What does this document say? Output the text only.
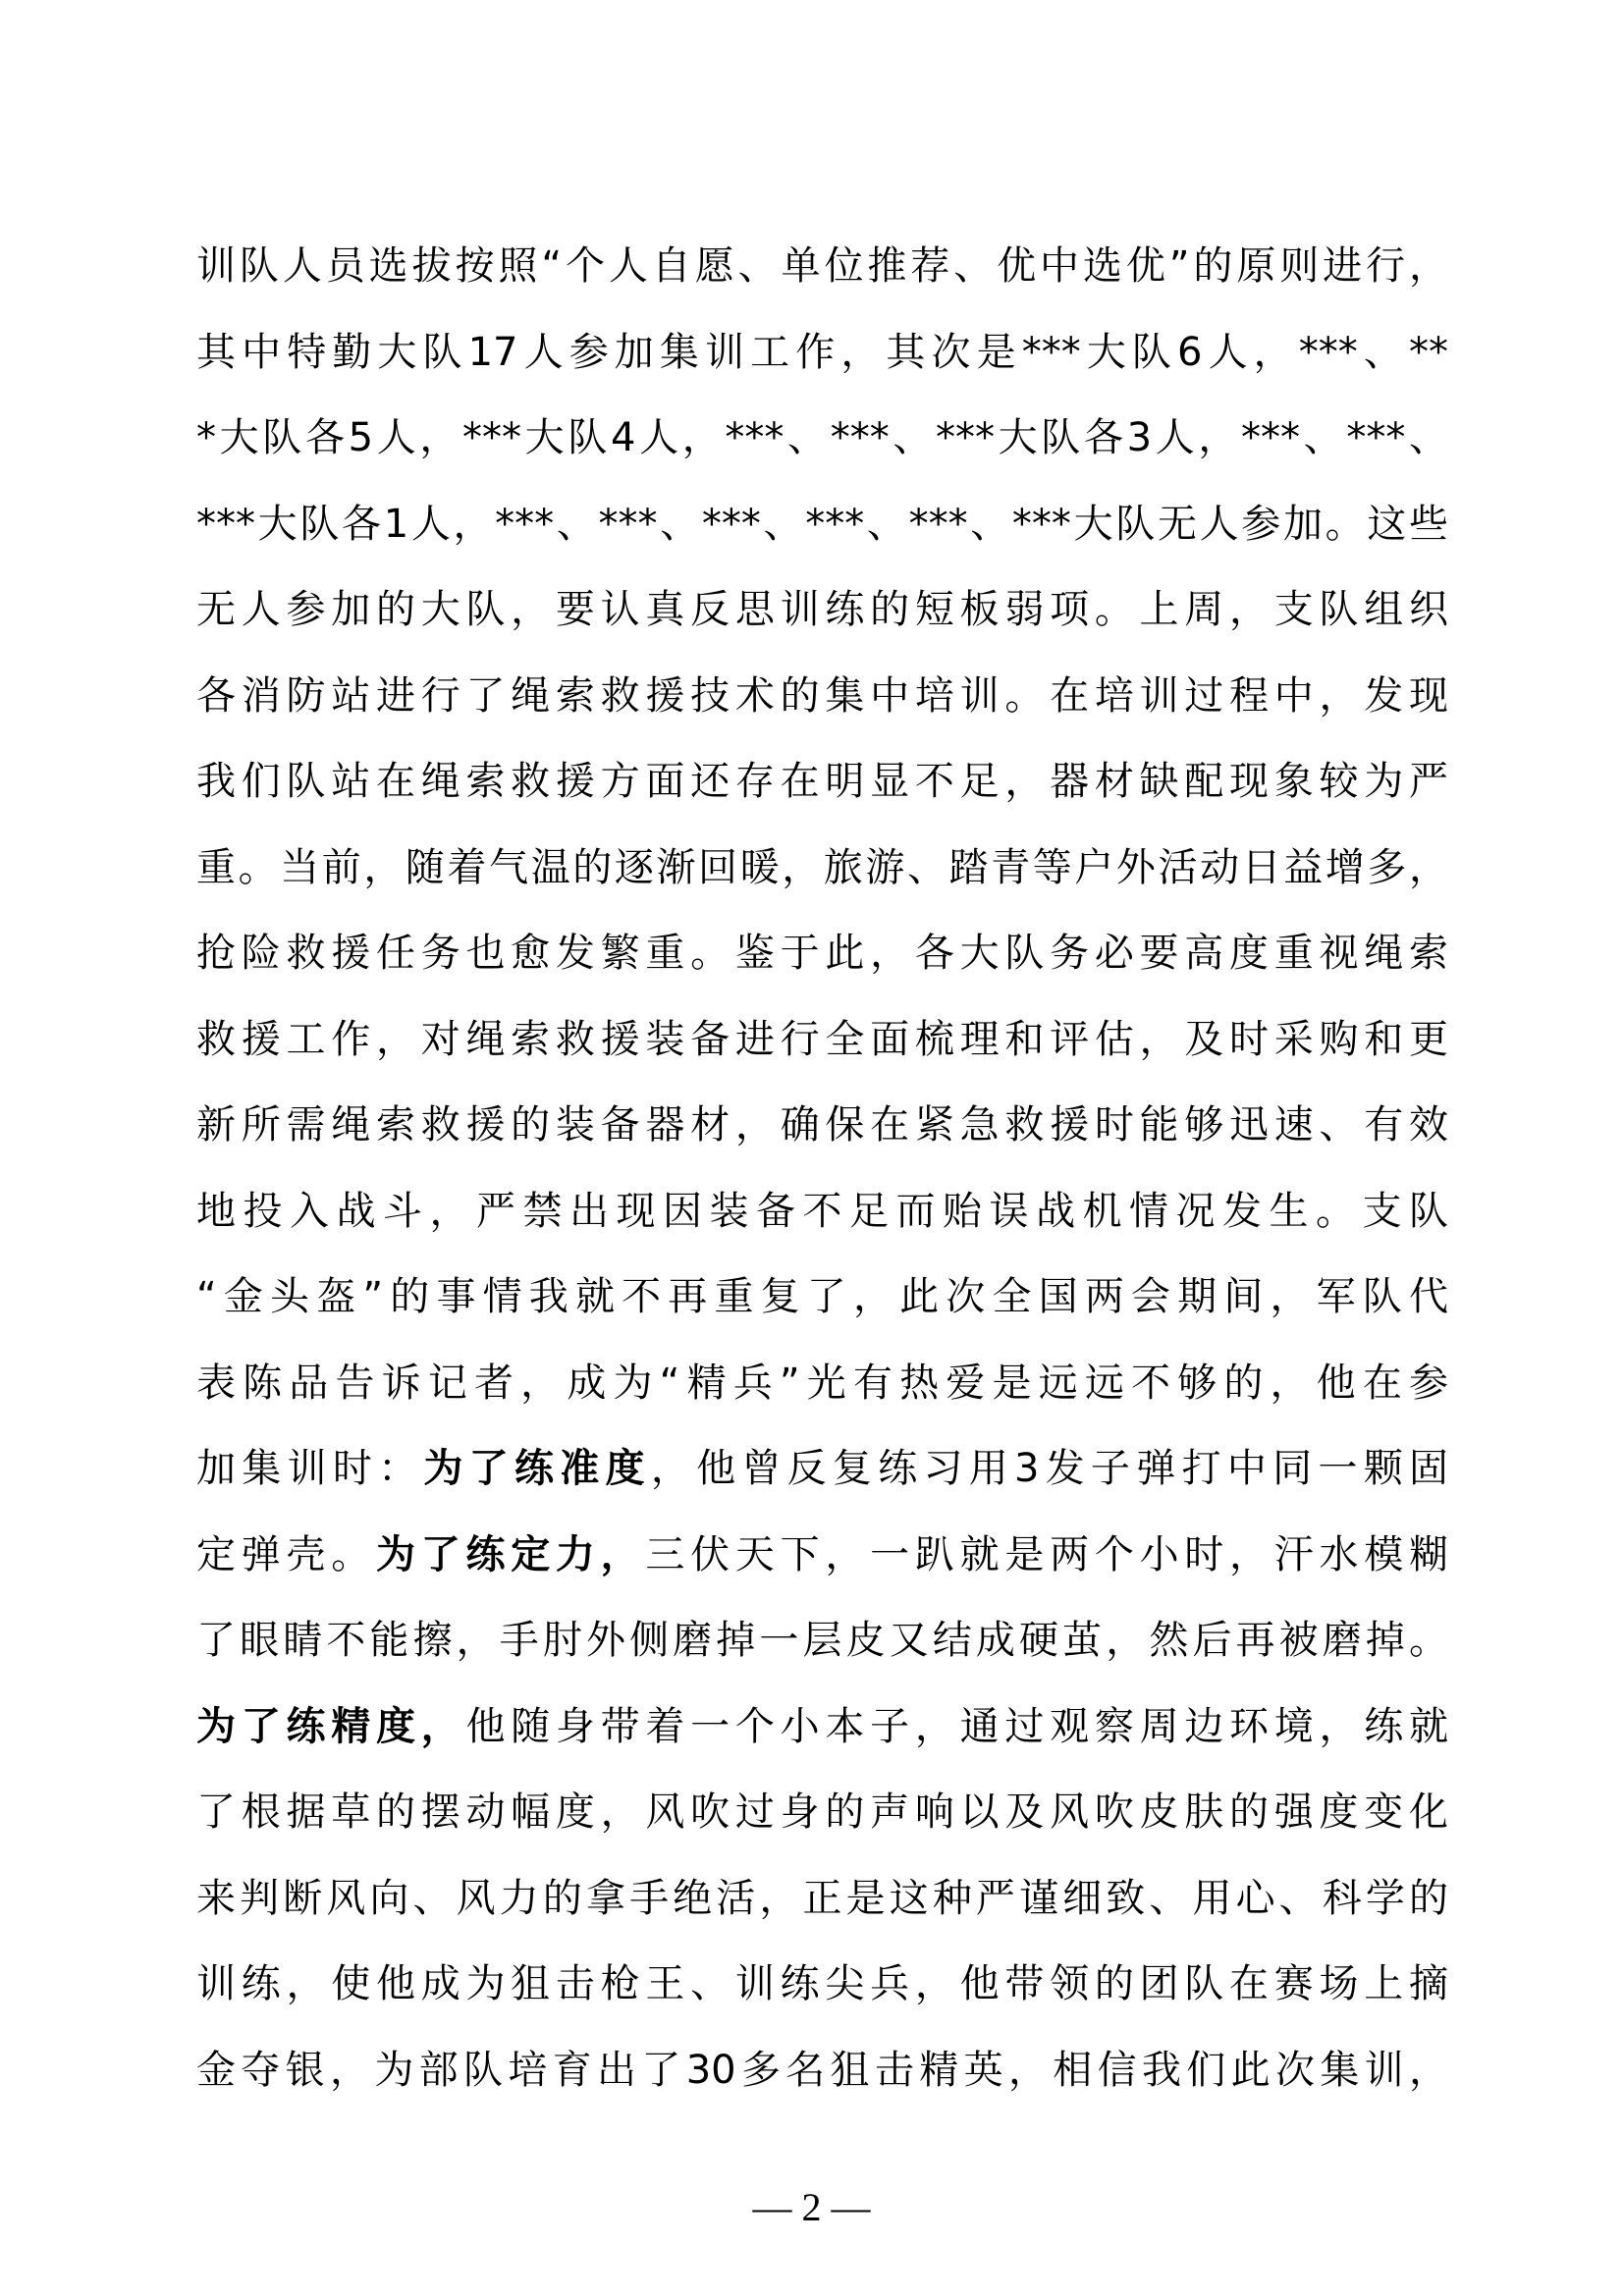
训队人员选拔按照“个人自愿、单位推荐、优中选优”的原则进行，
其中特勤大队17人参加集训工作，其次是***大队6人，***、**
*大队各5人，***大队4人，***、***、***大队各3人，***、***、
***大队各1人，***、***、***、***、***、***大队无人参加。这些
无人参加的大队，要认真反思训练的短板弱项。上周，支队组织
各消防站进行了绳索救援技术的集中培训。在培训过程中，发现
我们队站在绳索救援方面还存在明显不足，器材缺配现象较为严
重。当前，随着气温的逐渐回暖，旅游、踏青等户外活动日益增多，
抢险救援任务也愈发繁重。鉴于此，各大队务必要高度重视绳索
救援工作，对绳索救援装备进行全面梳理和评估，及时采购和更
新所需绳索救援的装备器材，确保在紧急救援时能够迅速、有效
地投入战斗，严禁出现因装备不足而贻误战机情况发生。支队
“金头盔”的事情我就不再重复了，此次全国两会期间，军队代
表陈品告诉记者，成为“精兵”光有热爱是远远不够的，他在参
加集训时：为了练准度，他曾反复练习用3发子弹打中同一颗固
定弹壳。为了练定力，三伏天下，一趴就是两个小时，汗水模糊
了眼睛不能擦，手肘外侧磨掉一层皮又结成硬茧，然后再被磨掉。
为了练精度，他随身带着一个小本子，通过观察周边环境，练就
了根据草的摆动幅度，风吹过身的声响以及风吹皮肤的强度变化
来判断风向、风力的拿手绝活，正是这种严谨细致、用心、科学的
训练，使他成为狙击枪王、训练尖兵，他带领的团队在赛场上摘
金夺银，为部队培育出了30多名狙击精英，相信我们此次集训，
— 2 —
